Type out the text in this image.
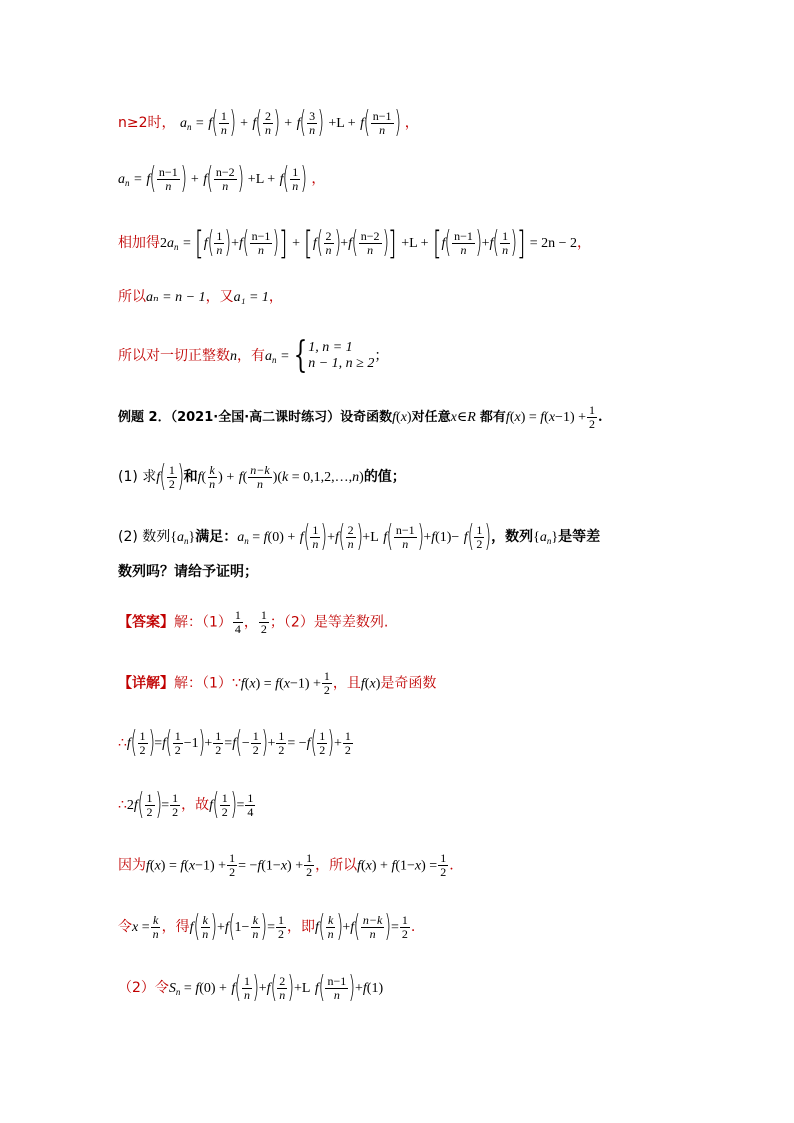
n≥2时， $a_n = f( \frac{1}{n}$ ) + $f( \frac{2}{n}$ ) + $f( \frac{3}{n}$ ) $+L + f( \frac{n-1}{n}$ ) ，
$a_n = f( \frac{n-1}{n}$ ) + $f( \frac{n-2}{n}$ ) $+L + f( \frac{1}{n}$ ) ，
相加得$2a_n = [f( \frac{1}{n} )+f( \frac{n-1}{n}$ )] + [$f( \frac{2}{n} )+f( \frac{n-2}{n}$ )] $+L + [f( \frac{n-1}{n} )+f( \frac{1}{n}$ )] = 2n − 2，
所以aₙ = n − 1，又a₁ = 1，
所以对一切正整数n，有$a_n$ = { 1, n = 1
n − 1, n ≥ 2 ；
例题 2．（2021·全国·高二课时练习）设奇函数f(x)对任意x∈R 都有$f(x) = f(x-1) + \frac{1}{2}$ .
(1) 求$f( \frac{1}{2}$ )和$f( \frac{k}{n}$ ) + $f( \frac{n-k}{n} )(k$ = 0,1,2,…,n)的值；
(2) 数列$\{a_n\}$满足：$a_n = f(0) + f( \frac{1}{n} )+f( \frac{2}{n} )+L$ $f( \frac{n-1}{n} )+f(1)- f( \frac{1}{2}$ )，数列$\{a_n\}$是等差
数列吗？请给予证明；
【答案】解：$(1) \frac{1}{4}$ ， $\frac{1}{2}$ ；（2）是等差数列.
【详解】解：（1）∵f(x) = $f(x-1) + \frac{1}{2}$ ，且f(x)是奇函数
∴f( $\frac{1}{2} )=f( \frac{1}{2} -1)+ \frac{1}{2} =f(- \frac{1}{2}$ )+ $\frac{1}{2} = -f( \frac{1}{2}$ )+ $\frac{1}{2}$
∴2f( $\frac{1}{2}$ )= $\frac{1}{2}$ ，故$f( \frac{1}{2}$ )= $\frac{1}{4}$
因为$f(x) = f(x-1) + \frac{1}{2} = -f(1-x) + \frac{1}{2}$ ，所以$f(x) + f(1-x) = \frac{1}{2}$ .
令$x = \frac{k}{n}$ ，得$f( \frac{k}{n} )+f(1- \frac{k}{n}$ )= $\frac{1}{2}$ ，即$f( \frac{k}{n} )+f( \frac{n-k}{n}$ )= $\frac{1}{2}$ .
（2）令$S_n = f(0) + f( \frac{1}{n} )+f( \frac{2}{n} )+L$ $f( \frac{n-1}{n} )+f(1)$
